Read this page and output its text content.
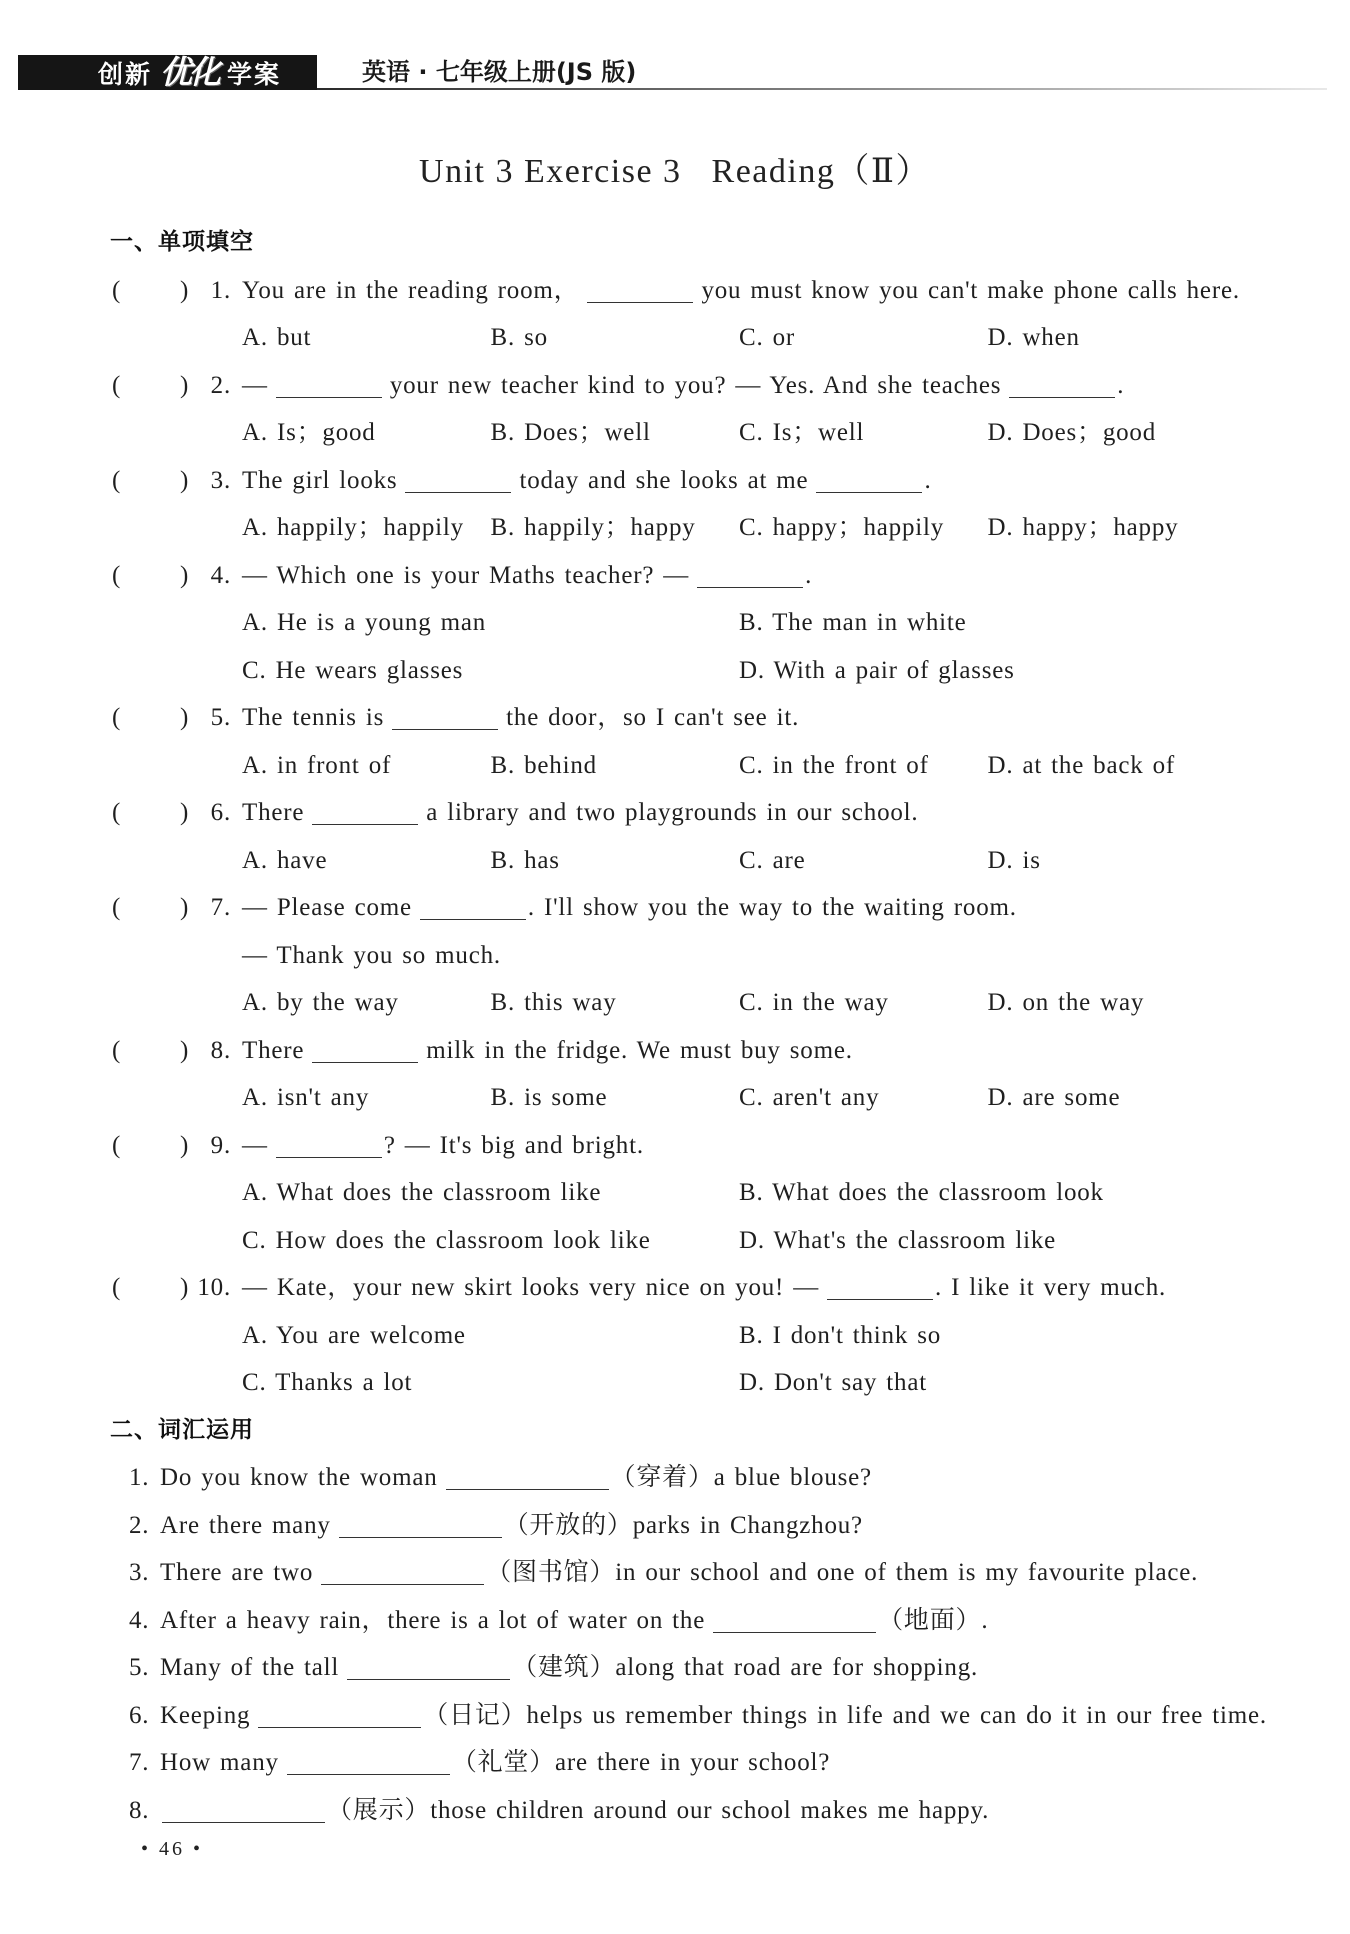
创新 优化 学案	英语 · 七年级上册(JS 版)
Unit 3 Exercise 3   Reading（Ⅱ）
一、单项填空
( ) 1. You are in the reading room，	you must know you can't make phone calls here.
A. but	B. so	C. or	D. when
( ) 2. —	your new teacher kind to you? — Yes. And she teaches	.
A. Is；good	B. Does；well	C. Is；well	D. Does；good
( ) 3. The girl looks	today and she looks at me	.
A. happily；happily	B. happily；happy	C. happy；happily	D. happy；happy
( ) 4. — Which one is your Maths teacher? —	.
A. He is a young man	B. The man in white
C. He wears glasses	D. With a pair of glasses
( ) 5. The tennis is	the door，so I can't see it.
A. in front of	B. behind	C. in the front of	D. at the back of
( ) 6. There	a library and two playgrounds in our school.
A. have	B. has	C. are	D. is
( ) 7. — Please come	. I'll show you the way to the waiting room.
— Thank you so much.
A. by the way	B. this way	C. in the way	D. on the way
( ) 8. There	milk in the fridge. We must buy some.
A. isn't any	B. is some	C. aren't any	D. are some
( ) 9. —	? — It's big and bright.
A. What does the classroom like	B. What does the classroom look
C. How does the classroom look like	D. What's the classroom like
( ) 10. — Kate，your new skirt looks very nice on you! —	. I like it very much.
A. You are welcome	B. I don't think so
C. Thanks a lot	D. Don't say that
二、词汇运用
1. Do you know the woman	（穿着）a blue blouse?
2. Are there many	（开放的）parks in Changzhou?
3. There are two	（图书馆）in our school and one of them is my favourite place.
4. After a heavy rain，there is a lot of water on the	（地面）.
5. Many of the tall	（建筑）along that road are for shopping.
6. Keeping	（日记）helps us remember things in life and we can do it in our free time.
7. How many	（礼堂）are there in your school?
8.	（展示）those children around our school makes me happy.
• 46 •
